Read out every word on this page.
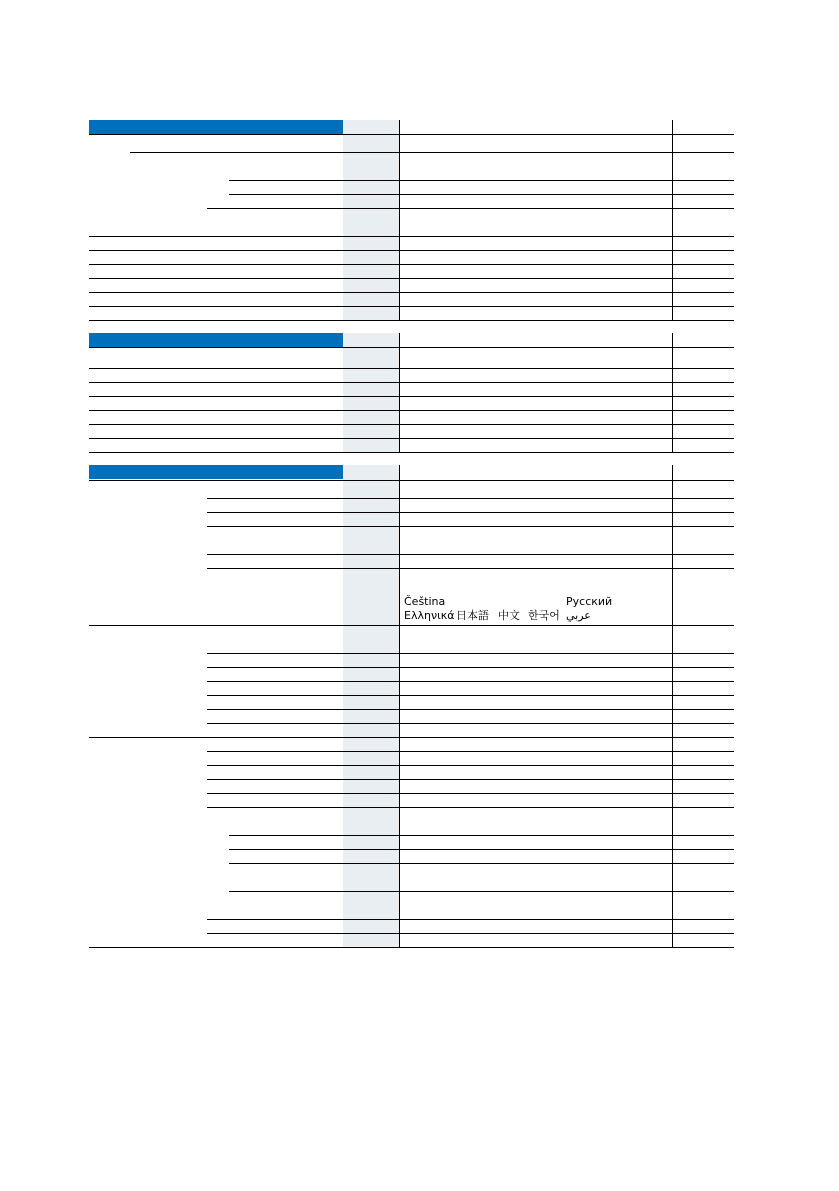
Čeština	Русский
Ελληνικά 日本語 中文 한국어 عربي
